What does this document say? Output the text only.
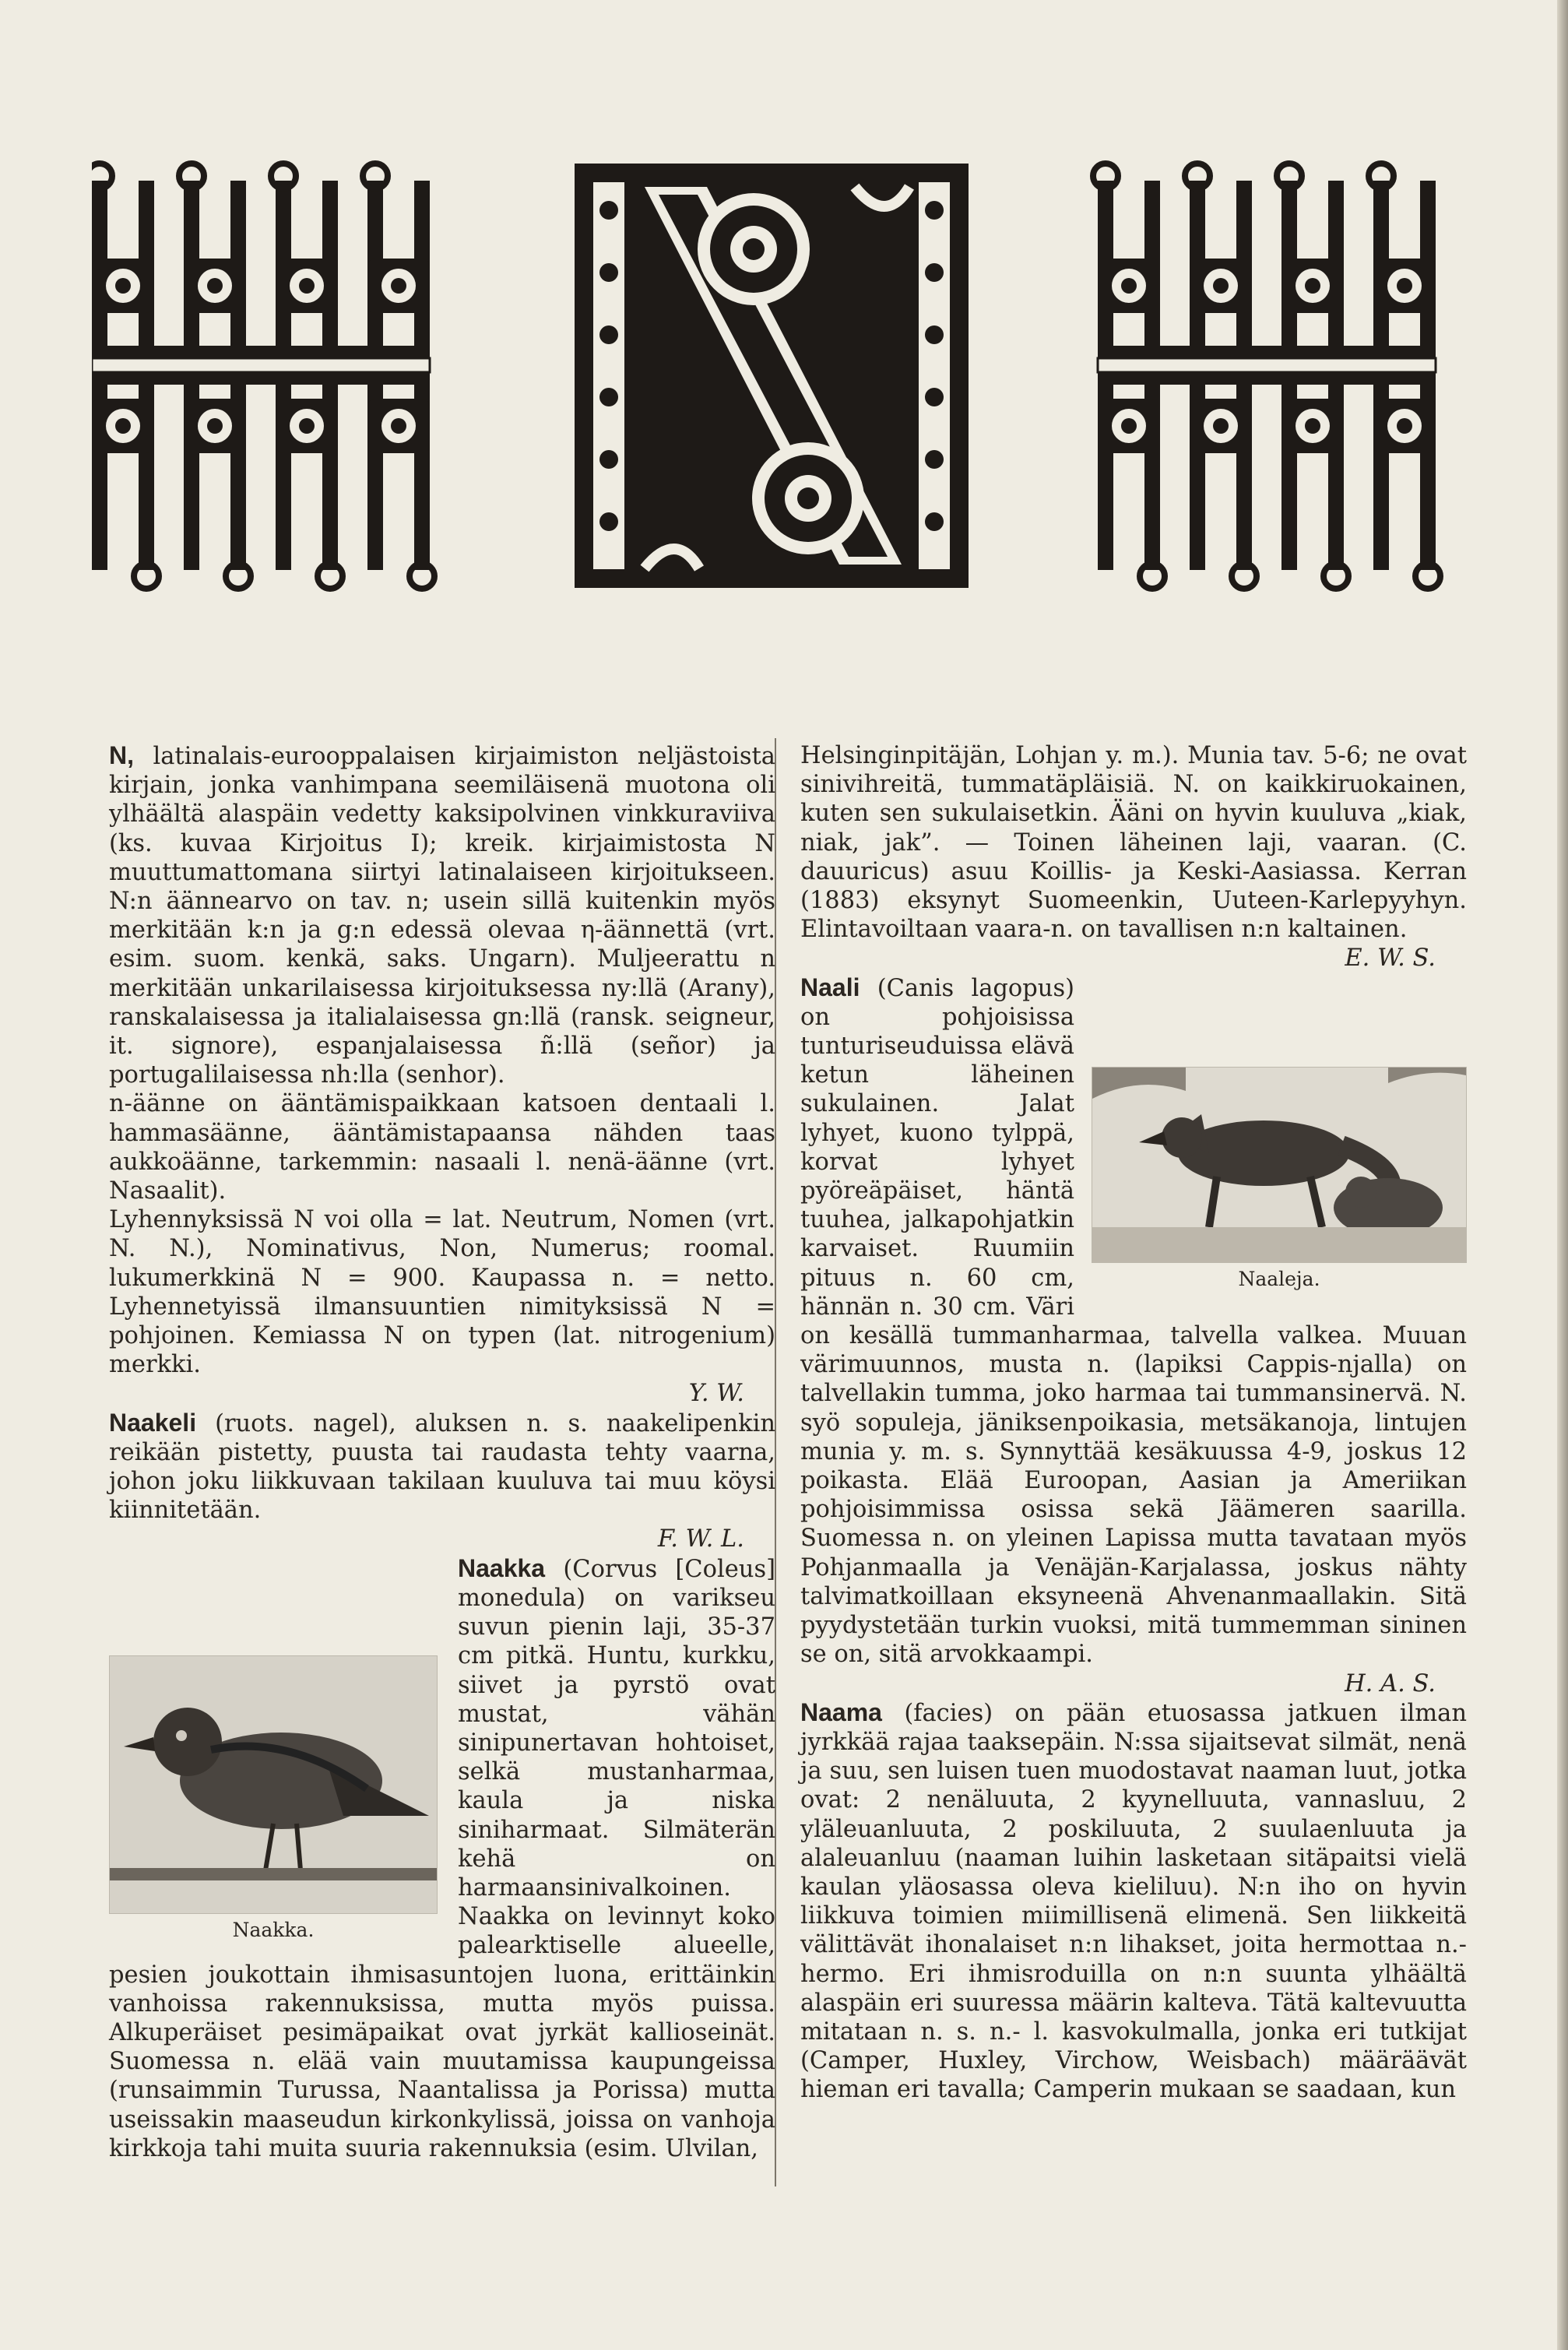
N, latinalais-eurooppalaisen kirjaimiston neljästoista kirjain, jonka vanhimpana seemiläisenä muotona oli ylhäältä alaspäin vedetty kaksipolvinen vinkkuraviiva (ks. kuvaa Kirjoitus I); kreik. kirjaimistosta N muuttumattomana siirtyi latinalaiseen kirjoitukseen. N:n äännearvo on tav. n; usein sillä kuitenkin myös merkitään k:n ja g:n edessä olevaa η-äännettä (vrt. esim. suom. kenkä, saks. Ungarn). Muljeerattu n merkitään unkarilaisessa kirjoituksessa ny:llä (Arany), ranskalaisessa ja italialaisessa gn:llä (ransk. seigneur, it. signore), espanjalaisessa ñ:llä (señor) ja portugalilaisessa nh:lla (senhor).

n-äänne on ääntämispaikkaan katsoen dentaali l. hammasäänne, ääntämistapaansa nähden taas aukkoäänne, tarkemmin: nasaali l. nenä-äänne (vrt. Nasaalit).

Lyhennyksissä N voi olla = lat. Neutrum, Nomen (vrt. N. N.), Nominativus, Non, Numerus; roomal. lukumerkkinä N = 900. Kaupassa n. = netto. Lyhennetyissä ilmansuuntien nimityksissä N = pohjoinen. Kemiassa N on typen (lat. nitrogenium) merkki.

Y. W.

Naakeli (ruots. nagel), aluksen n. s. naakelipenkin reikään pistetty, puusta tai raudasta tehty vaarna, johon joku liikkuvaan takilaan kuuluva tai muu köysi kiinnitetään.

F. W. L.
Naakka.

Naakka (Corvus [Coleus] monedula) on varikseu suvun pienin laji, 35-37 cm pitkä. Huntu, kurkku, siivet ja pyrstö ovat mustat, vähän sinipunertavan hohtoiset, selkä mustanharmaa, kaula ja niska siniharmaat. Silmäterän kehä on harmaansinivalkoinen. Naakka on levinnyt koko palearktiselle alueelle, pesien joukottain ihmisasuntojen luona, erittäinkin vanhoissa rakennuksissa, mutta myös puissa. Alkuperäiset pesimäpaikat ovat jyrkät kallioseinät. Suomessa n. elää vain muutamissa kaupungeissa (runsaimmin Turussa, Naantalissa ja Porissa) mutta useissakin maaseudun kirkonkylissä, joissa on vanhoja kirkkoja tahi muita suuria rakennuksia (esim. Ulvilan,

Helsinginpitäjän, Lohjan y. m.). Munia tav. 5-6; ne ovat sinivihreitä, tummatäpläisiä. N. on kaikkiruokainen, kuten sen sukulaisetkin. Ääni on hyvin kuuluva „kiak, niak, jak”. — Toinen läheinen laji, vaaran. (C. dauuricus) asuu Koillis- ja Keski-Aasiassa. Kerran (1883) eksynyt Suomeenkin, Uuteen-Karlepyyhyn. Elintavoiltaan vaara-n. on tavallisen n:n kaltainen.

E. W. S.
Naaleja.

Naali (Canis lagopus) on pohjoisissa tunturiseuduissa elävä ketun läheinen sukulainen. Jalat lyhyet, kuono tylppä, korvat lyhyet pyöreäpäiset, häntä tuuhea, jalkapohjatkin karvaiset. Ruumiin pituus n. 60 cm, hännän n. 30 cm. Väri on kesällä tummanharmaa, talvella valkea. Muuan värimuunnos, musta n. (lapiksi Cappis-njalla) on talvellakin tumma, joko harmaa tai tummansinervä. N. syö sopuleja, jäniksenpoikasia, metsäkanoja, lintujen munia y. m. s. Synnyttää kesäkuussa 4-9, joskus 12 poikasta. Elää Euroopan, Aasian ja Ameriikan pohjoisimmissa osissa sekä Jäämeren saarilla. Suomessa n. on yleinen Lapissa mutta tavataan myös Pohjanmaalla ja Venäjän-Karjalassa, joskus nähty talvimatkoillaan eksyneenä Ahvenanmaallakin. Sitä pyydystetään turkin vuoksi, mitä tummemman sininen se on, sitä arvokkaampi.

H. A. S.

Naama (facies) on pään etuosassa jatkuen ilman jyrkkää rajaa taaksepäin. N:ssa sijaitsevat silmät, nenä ja suu, sen luisen tuen muodostavat naaman luut, jotka ovat: 2 nenäluuta, 2 kyynelluuta, vannasluu, 2 yläleuanluuta, 2 poskiluuta, 2 suulaenluuta ja alaleuanluu (naaman luihin lasketaan sitäpaitsi vielä kaulan yläosassa oleva kieliluu). N:n iho on hyvin liikkuva toimien miimillisenä elimenä. Sen liikkeitä välittävät ihonalaiset n:n lihakset, joita hermottaa n.-hermo. Eri ihmisroduilla on n:n suunta ylhäältä alaspäin eri suuressa määrin kalteva. Tätä kaltevuutta mitataan n. s. n.- l. kasvokulmalla, jonka eri tutkijat (Camper, Huxley, Virchow, Weisbach) määräävät hieman eri tavalla; Camperin mukaan se saadaan, kun
